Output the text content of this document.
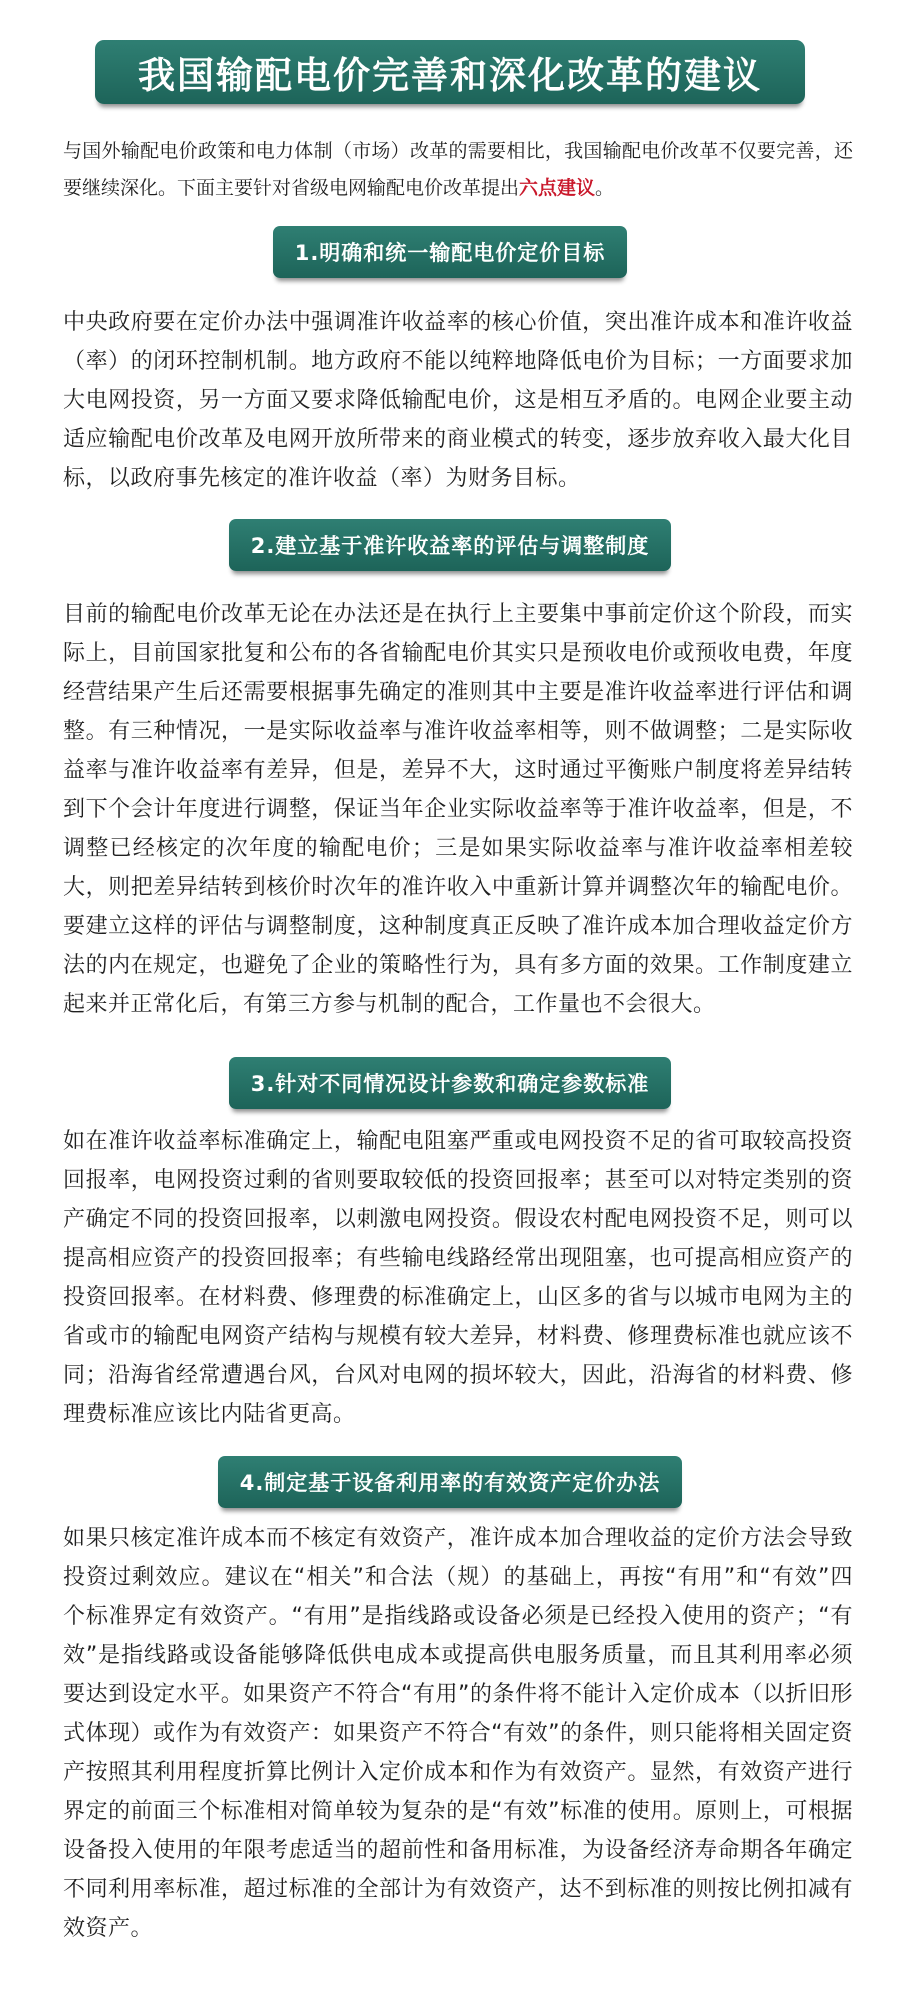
我国输配电价完善和深化改革的建议
与国外输配电价政策和电力体制（市场）改革的需要相比，我国输配电价改革不仅要完善，还要继续深化。下面主要针对省级电网输配电价改革提出六点建议。
1.明确和统一输配电价定价目标
中央政府要在定价办法中强调准许收益率的核心价值，突出准许成本和准许收益（率）的闭环控制机制。地方政府不能以纯粹地降低电价为目标；一方面要求加大电网投资，另一方面又要求降低输配电价，这是相互矛盾的。电网企业要主动适应输配电价改革及电网开放所带来的商业模式的转变，逐步放弃收入最大化目标，以政府事先核定的准许收益（率）为财务目标。
2.建立基于准许收益率的评估与调整制度
目前的输配电价改革无论在办法还是在执行上主要集中事前定价这个阶段，而实际上，目前国家批复和公布的各省输配电价其实只是预收电价或预收电费，年度经营结果产生后还需要根据事先确定的准则其中主要是准许收益率进行评估和调整。有三种情况，一是实际收益率与准许收益率相等，则不做调整；二是实际收益率与准许收益率有差异，但是，差异不大，这时通过平衡账户制度将差异结转到下个会计年度进行调整，保证当年企业实际收益率等于准许收益率，但是，不调整已经核定的次年度的输配电价；三是如果实际收益率与准许收益率相差较大，则把差异结转到核价时次年的准许收入中重新计算并调整次年的输配电价。要建立这样的评估与调整制度，这种制度真正反映了准许成本加合理收益定价方法的内在规定，也避免了企业的策略性行为，具有多方面的效果。工作制度建立起来并正常化后，有第三方参与机制的配合，工作量也不会很大。
3.针对不同情况设计参数和确定参数标准
如在准许收益率标准确定上，输配电阻塞严重或电网投资不足的省可取较高投资回报率，电网投资过剩的省则要取较低的投资回报率；甚至可以对特定类别的资产确定不同的投资回报率，以刺激电网投资。假设农村配电网投资不足，则可以提高相应资产的投资回报率；有些输电线路经常出现阻塞，也可提高相应资产的投资回报率。在材料费、修理费的标准确定上，山区多的省与以城市电网为主的省或市的输配电网资产结构与规模有较大差异，材料费、修理费标准也就应该不同；沿海省经常遭遇台风，台风对电网的损坏较大，因此，沿海省的材料费、修理费标准应该比内陆省更高。
4.制定基于设备利用率的有效资产定价办法
如果只核定准许成本而不核定有效资产，准许成本加合理收益的定价方法会导致投资过剩效应。建议在“相关”和合法（规）的基础上，再按“有用”和“有效”四个标准界定有效资产。“有用”是指线路或设备必须是已经投入使用的资产；“有效”是指线路或设备能够降低供电成本或提高供电服务质量，而且其利用率必须要达到设定水平。如果资产不符合“有用”的条件将不能计入定价成本（以折旧形式体现）或作为有效资产：如果资产不符合“有效”的条件，则只能将相关固定资产按照其利用程度折算比例计入定价成本和作为有效资产。显然，有效资产进行界定的前面三个标准相对简单较为复杂的是“有效”标准的使用。原则上，可根据设备投入使用的年限考虑适当的超前性和备用标准，为设备经济寿命期各年确定不同利用率标准，超过标准的全部计为有效资产，达不到标准的则按比例扣减有效资产。
